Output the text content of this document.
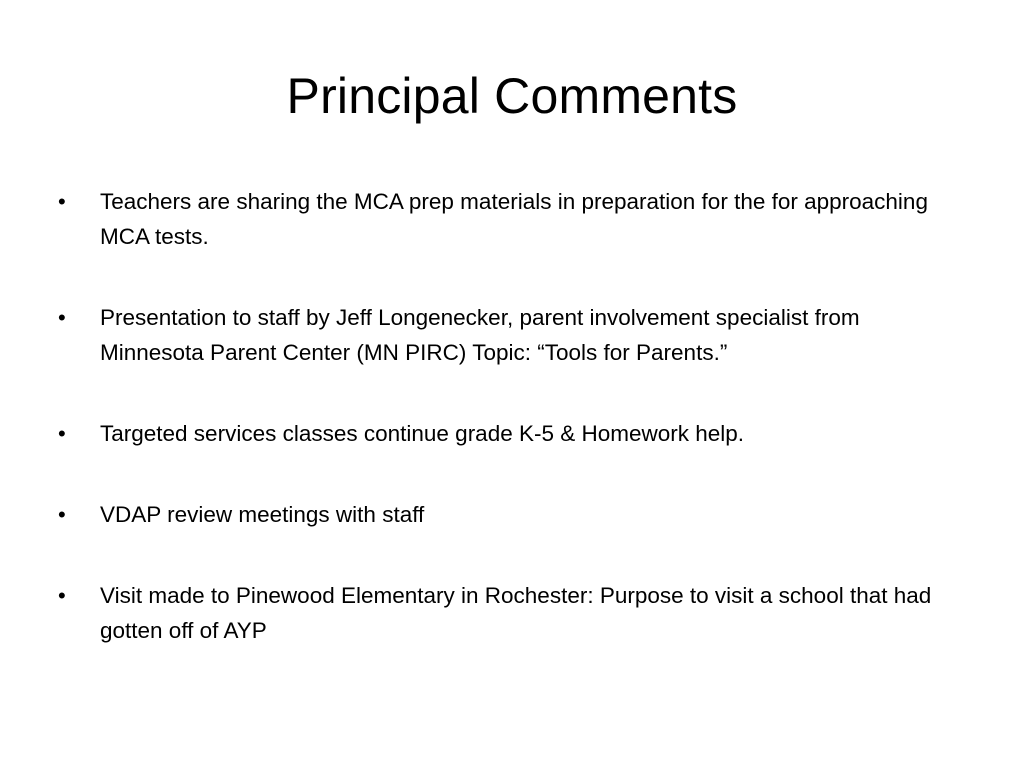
Principal Comments
•	Teachers are sharing the MCA prep materials in preparation for the for approaching MCA tests.
•	Presentation to staff by Jeff Longenecker, parent involvement specialist from Minnesota Parent Center (MN PIRC) Topic: “Tools for Parents.”
•	Targeted services classes continue grade K-5 & Homework help.
•	VDAP review meetings with staff
•	Visit made to Pinewood Elementary in Rochester: Purpose to visit a school that had gotten off of AYP
